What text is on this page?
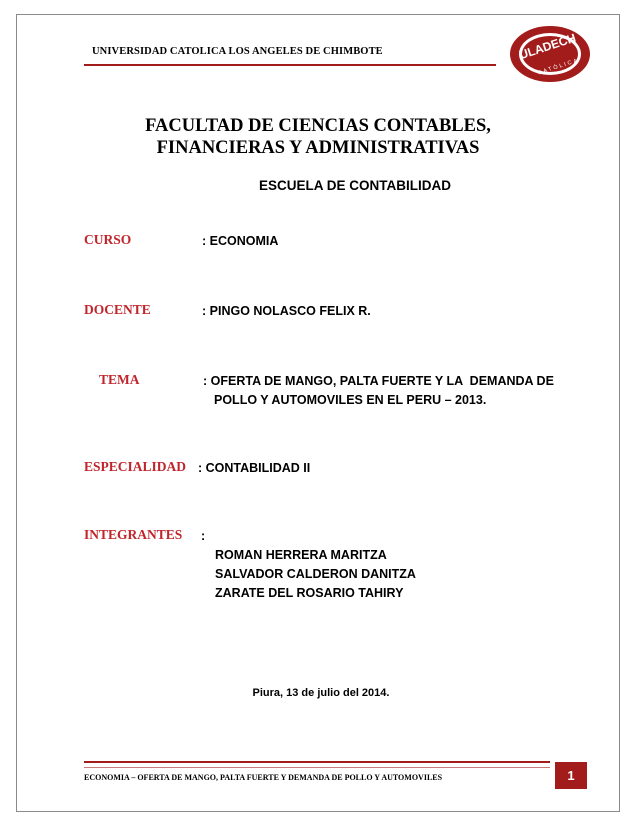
UNIVERSIDAD CATOLICA LOS ANGELES DE CHIMBOTE	ULADECH
CATÓLICA
FACULTAD DE CIENCIAS CONTABLES, FINANCIERAS Y ADMINISTRATIVAS
ESCUELA DE CONTABILIDAD
CURSO	: ECONOMIA
DOCENTE	: PINGO NOLASCO FELIX R.
TEMA	: OFERTA DE MANGO, PALTA FUERTE Y LA  DEMANDA DE
POLLO Y AUTOMOVILES EN EL PERU – 2013.
ESPECIALIDAD : CONTABILIDAD II
INTEGRANTES :
ROMAN HERRERA MARITZA
SALVADOR CALDERON DANITZA
ZARATE DEL ROSARIO TAHIRY
Piura, 13 de julio del 2014.
ECONOMIA – OFERTA DE MANGO, PALTA FUERTE Y DEMANDA DE POLLO Y AUTOMOVILES	1
